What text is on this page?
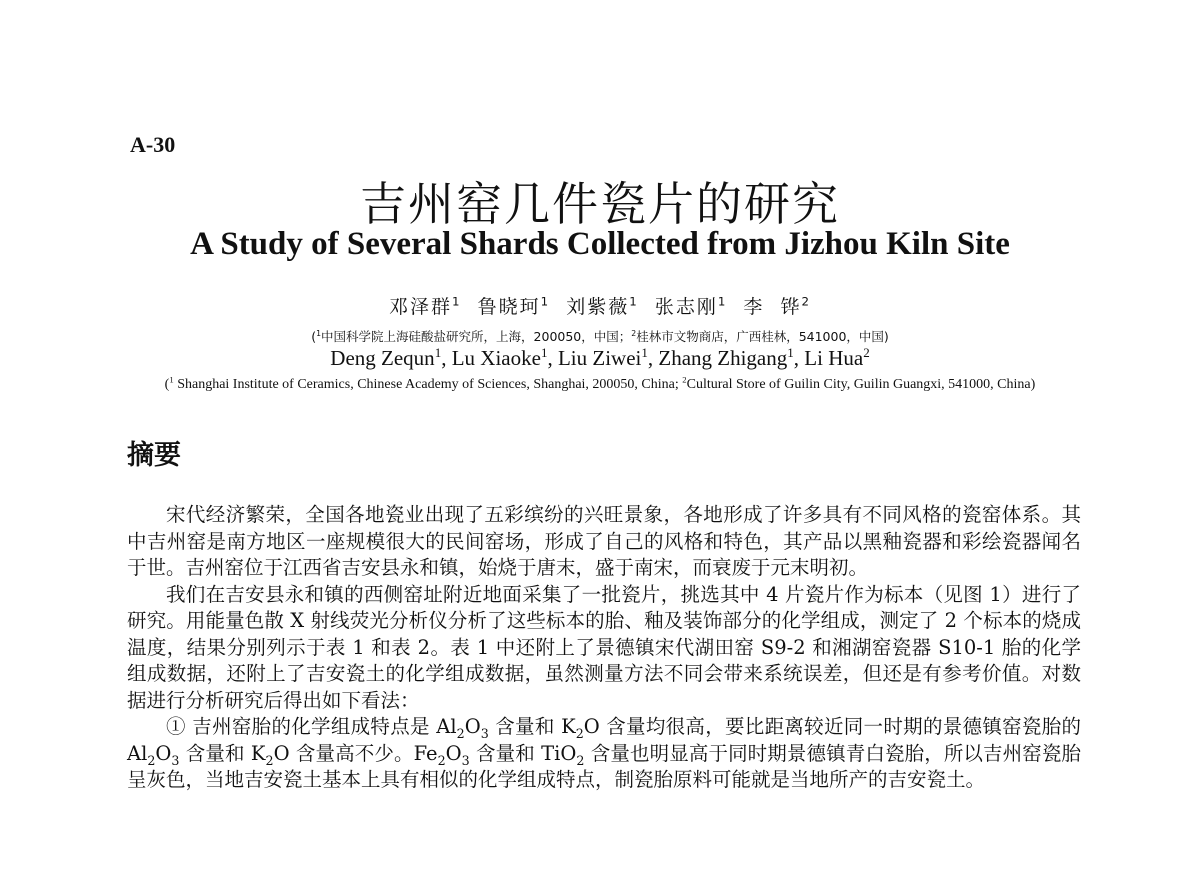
A-30
吉州窑几件瓷片的研究
A Study of Several Shards Collected from Jizhou Kiln Site
邓泽群$^1$ 鲁晓珂$^1$ 刘紫薇$^1$ 张志刚$^1$ 李  铧$^2$
($^1$中国科学院上海硅酸盐研究所，上海，200050，中国；$^2$桂林市文物商店，广西桂林，541000，中国)
Deng Zequn$^1$, Lu Xiaoke$^1$, Liu Ziwei$^1$, Zhang Zhigang$^1$, Li Hua$^2$
($^1$ Shanghai Institute of Ceramics, Chinese Academy of Sciences, Shanghai, 200050, China; $^2$Cultural Store of Guilin City, Guilin Guangxi, 541000, China)
摘要

宋代经济繁荣，全国各地瓷业出现了五彩缤纷的兴旺景象，各地形成了许多具有不同风格的瓷窑体系。其中吉州窑是南方地区一座规模很大的民间窑场，形成了自己的风格和特色，其产品以黑釉瓷器和彩绘瓷器闻名于世。吉州窑位于江西省吉安县永和镇，始烧于唐末，盛于南宋，而衰废于元末明初。

我们在吉安县永和镇的西侧窑址附近地面采集了一批瓷片，挑选其中 4 片瓷片作为标本（见图 1）进行了研究。用能量色散 X 射线荧光分析仪分析了这些标本的胎、釉及装饰部分的化学组成，测定了 2 个标本的烧成温度，结果分别列示于表 1 和表 2。表 1 中还附上了景德镇宋代湖田窑 S9-2 和湘湖窑瓷器 S10-1 胎的化学组成数据，还附上了吉安瓷土的化学组成数据，虽然测量方法不同会带来系统误差，但还是有参考价值。对数据进行分析研究后得出如下看法：

① 吉州窑胎的化学组成特点是 $Al_2O_3$ 含量和 $K_2O$ 含量均很高，要比距离较近同一时期的景德镇窑瓷胎的 $Al_2O_3$ 含量和 $K_2O$ 含量高不少。$Fe_2O_3$ 含量和 TiO$_2$ 含量也明显高于同时期景德镇青白瓷胎，所以吉州窑瓷胎呈灰色，当地吉安瓷土基本上具有相似的化学组成特点，制瓷胎原料可能就是当地所产的吉安瓷土。
